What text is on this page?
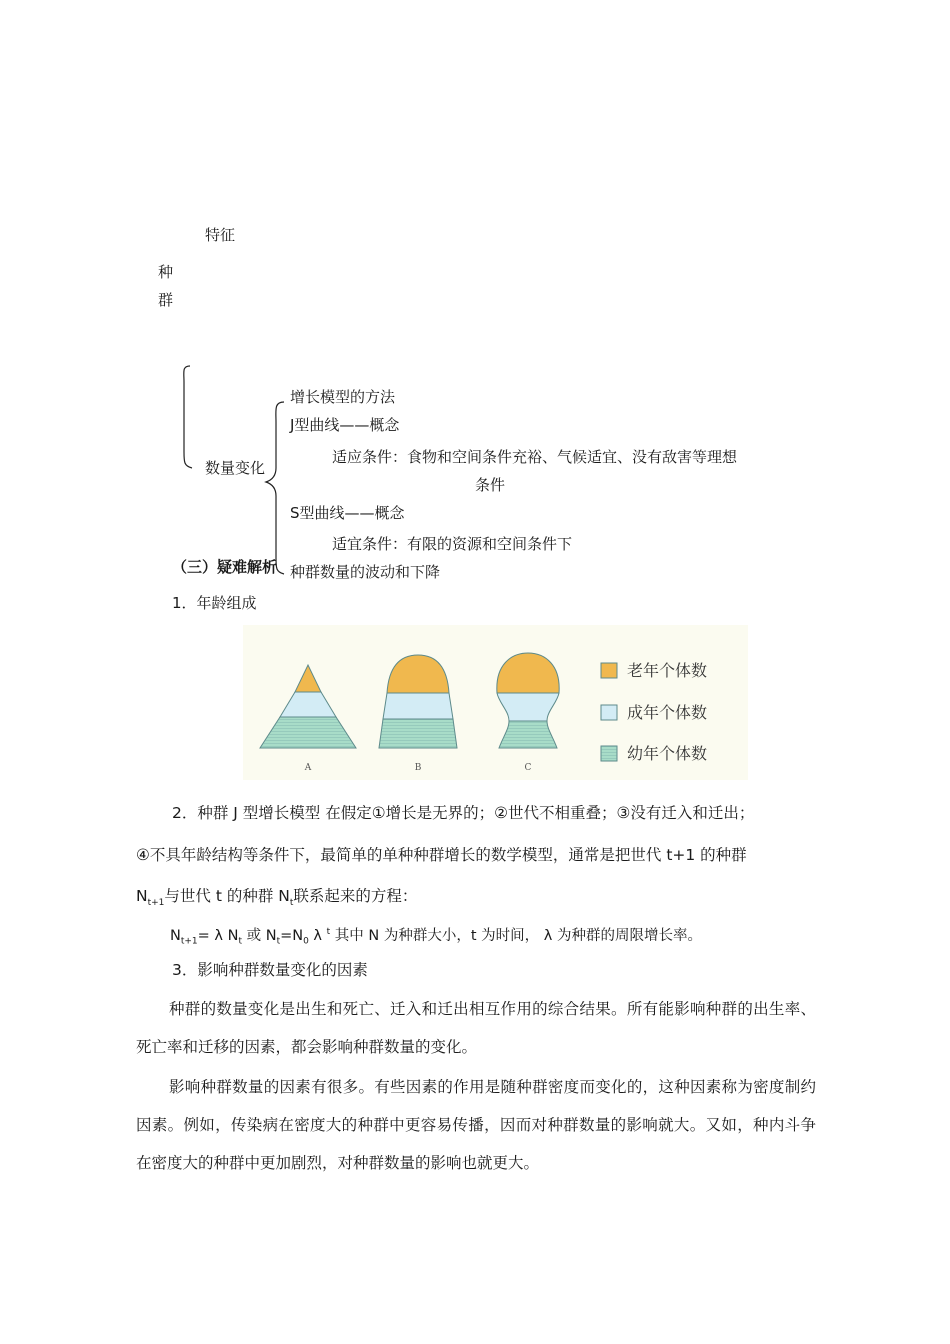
特征
种
群
数量变化
增长模型的方法
J型曲线——概念
适应条件：食物和空间条件充裕、气候适宜、没有敌害等理想
条件
S型曲线——概念
适宜条件：有限的资源和空间条件下
（三）疑难解析 种群数量的波动和下降
1．年龄组成
A	B	C
老年个体数
成年个体数
幼年个体数
2．种群 J 型增长模型 在假定①增长是无界的；②世代不相重叠；③没有迁入和迁出；
④不具年龄结构等条件下，最简单的单种种群增长的数学模型，通常是把世代 t+1 的种群
$N_{t+1}$与世代 t 的种群 $N_t$联系起来的方程：
$N_{t+1}= \lambda$ $N_t$ 或 $N_t=N_0$ λ $^t$ 其中 N 为种群大小，t 为时间， λ 为种群的周限增长率。
3．影响种群数量变化的因素

种群的数量变化是出生和死亡、迁入和迁出相互作用的综合结果。所有能影响种群的出生率、死亡率和迁移的因素，都会影响种群数量的变化。

影响种群数量的因素有很多。有些因素的作用是随种群密度而变化的，这种因素称为密度制约因素。例如，传染病在密度大的种群中更容易传播，因而对种群数量的影响就大。又如，种内斗争在密度大的种群中更加剧烈，对种群数量的影响也就更大。
